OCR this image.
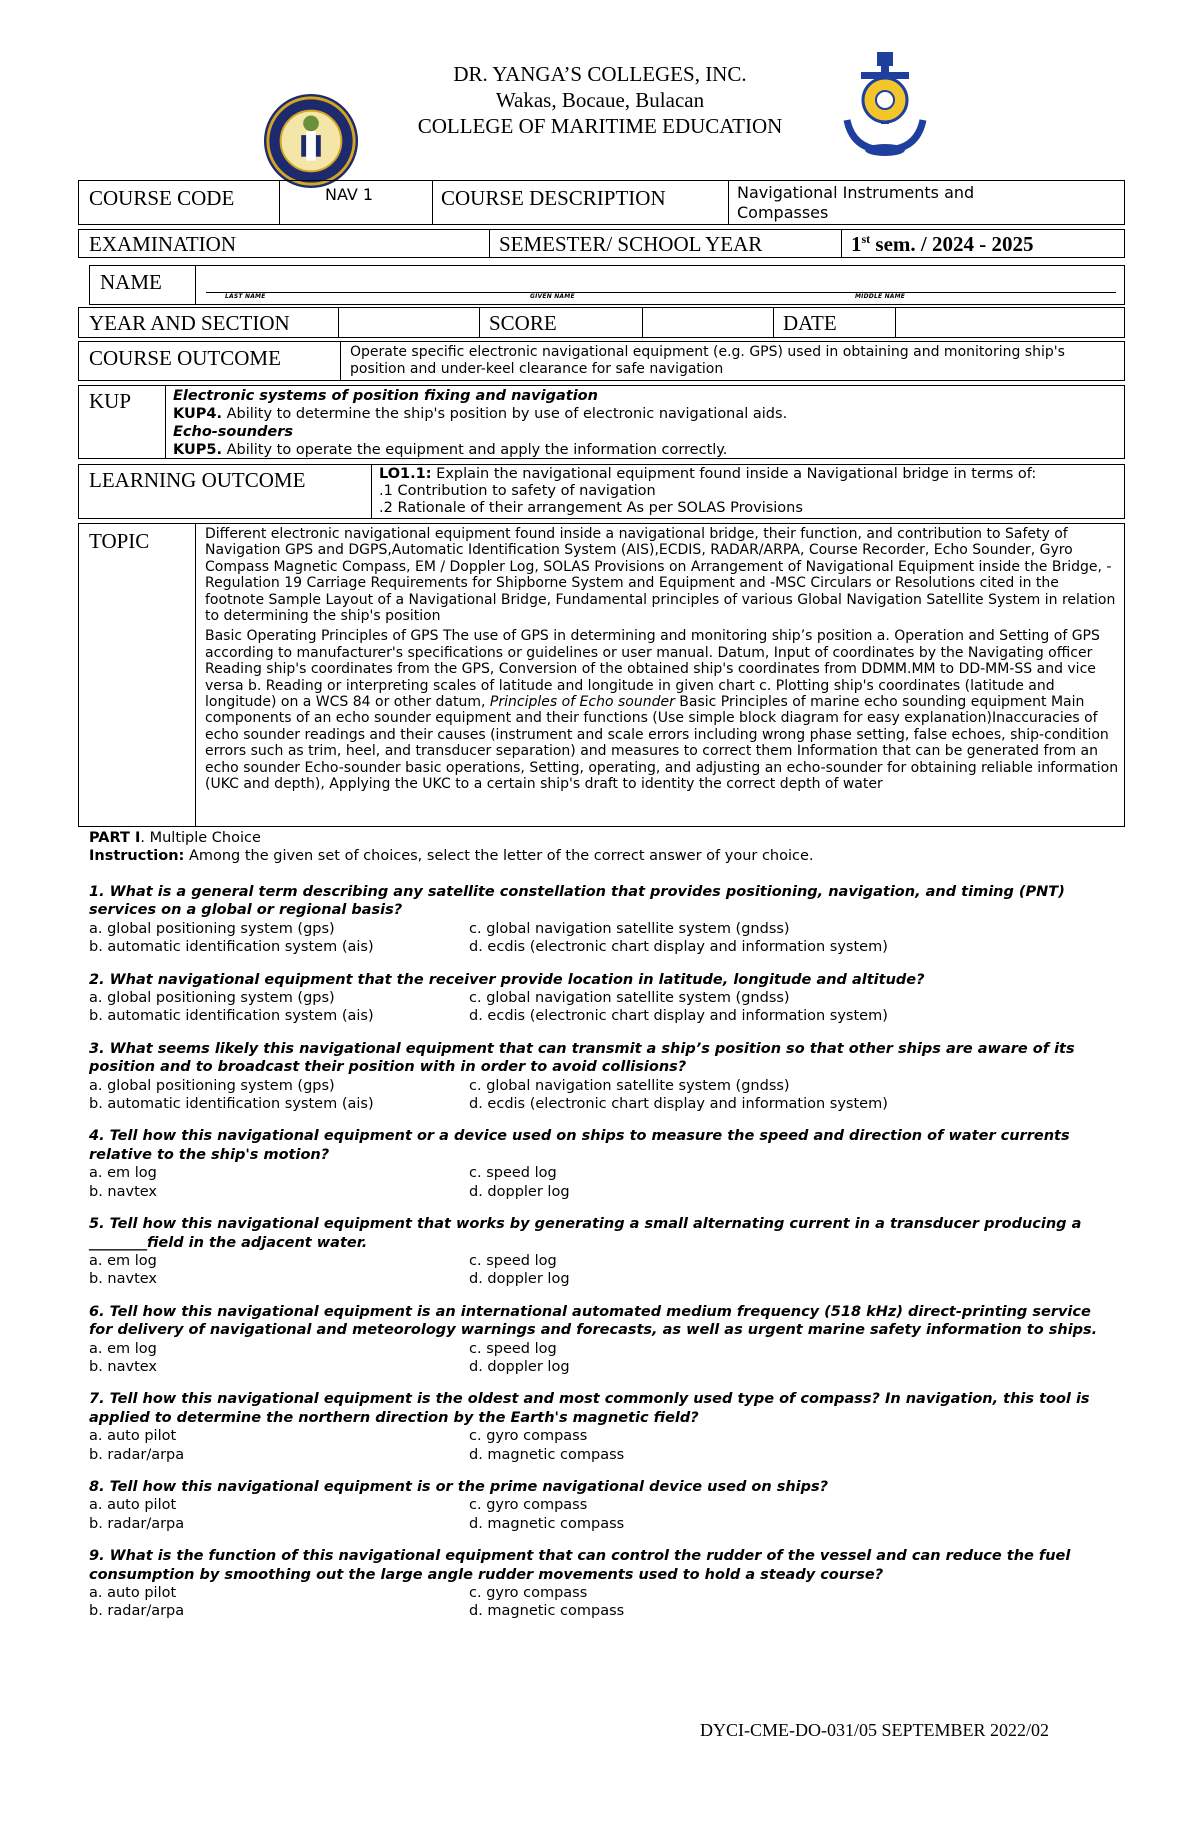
DR. YANGA’S COLLEGES, INC.
Wakas, Bocaue, Bulacan
COLLEGE OF MARITIME EDUCATION
COURSE CODE	NAV 1	COURSE DESCRIPTION	Navigational Instruments and Compasses
EXAMINATION	SEMESTER/ SCHOOL YEAR	1st sem. / 2024 - 2025
NAME
LAST NAME	GIVEN NAME	MIDDLE NAME
YEAR AND SECTION	SCORE	DATE
COURSE OUTCOME	Operate specific electronic navigational equipment (e.g. GPS) used in obtaining and monitoring ship's position and under-keel clearance for safe navigation
KUP	Electronic systems of position fixing and navigation
KUP4. Ability to determine the ship's position by use of electronic navigational aids.
Echo-sounders
KUP5. Ability to operate the equipment and apply the information correctly.
LEARNING OUTCOME	LO1.1: Explain the navigational equipment found inside a Navigational bridge in terms of:
.1 Contribution to safety of navigation
.2 Rationale of their arrangement As per SOLAS Provisions
TOPIC	Different electronic navigational equipment found inside a navigational bridge, their function, and contribution to Safety of Navigation GPS and DGPS,Automatic Identification System (AIS),ECDIS, RADAR/ARPA, Course Recorder, Echo Sounder, Gyro Compass Magnetic Compass, EM / Doppler Log, SOLAS Provisions on Arrangement of Navigational Equipment inside the Bridge, -Regulation 19 Carriage Requirements for Shipborne System and Equipment and -MSC Circulars or Resolutions cited in the footnote Sample Layout of a Navigational Bridge, Fundamental principles of various Global Navigation Satellite System in relation to determining the ship's position
Basic Operating Principles of GPS The use of GPS in determining and monitoring ship’s position a. Operation and Setting of GPS according to manufacturer's specifications or guidelines or user manual. Datum, Input of coordinates by the Navigating officer Reading ship's coordinates from the GPS, Conversion of the obtained ship's coordinates from DDMM.MM to DD-MM-SS and vice versa b. Reading or interpreting scales of latitude and longitude in given chart c. Plotting ship's coordinates (latitude and longitude) on a WCS 84 or other datum, Principles of Echo sounder Basic Principles of marine echo sounding equipment Main components of an echo sounder equipment and their functions (Use simple block diagram for easy explanation)Inaccuracies of echo sounder readings and their causes (instrument and scale errors including wrong phase setting, false echoes, ship-condition errors such as trim, heel, and transducer separation) and measures to correct them Information that can be generated from an echo sounder Echo-sounder basic operations, Setting, operating, and adjusting an echo-sounder for obtaining reliable information (UKC and depth), Applying the UKC to a certain ship's draft to identity the correct depth of water
PART I. Multiple Choice
Instruction: Among the given set of choices, select the letter of the correct answer of your choice.
1. What is a general term describing any satellite constellation that provides positioning, navigation, and timing (PNT) services on a global or regional basis?
a. global positioning system (gps)	c. global navigation satellite system (gndss)
b. automatic identification system (ais)	d. ecdis (electronic chart display and information system)
2. What navigational equipment that the receiver provide location in latitude, longitude and altitude?
a. global positioning system (gps)	c. global navigation satellite system (gndss)
b. automatic identification system (ais)	d. ecdis (electronic chart display and information system)
3. What seems likely this navigational equipment that can transmit a ship’s position so that other ships are aware of its position and to broadcast their position with in order to avoid collisions?
a. global positioning system (gps)	c. global navigation satellite system (gndss)
b. automatic identification system (ais)	d. ecdis (electronic chart display and information system)
4. Tell how this navigational equipment or a device used on ships to measure the speed and direction of water currents relative to the ship's motion?
a. em log	c. speed log
b. navtex	d. doppler log
5. Tell how this navigational equipment that works by generating a small alternating current in a transducer producing a ________field in the adjacent water.
a. em log	c. speed log
b. navtex	d. doppler log
6. Tell how this navigational equipment is an international automated medium frequency (518 kHz) direct-printing service for delivery of navigational and meteorology warnings and forecasts, as well as urgent marine safety information to ships.
a. em log	c. speed log
b. navtex	d. doppler log
7. Tell how this navigational equipment is the oldest and most commonly used type of compass? In navigation, this tool is applied to determine the northern direction by the Earth's magnetic field?
a. auto pilot	c. gyro compass
b. radar/arpa	d. magnetic compass
8. Tell how this navigational equipment is or the prime navigational device used on ships?
a. auto pilot	c. gyro compass
b. radar/arpa	d. magnetic compass
9. What is the function of this navigational equipment that can control the rudder of the vessel and can reduce the fuel consumption by smoothing out the large angle rudder movements used to hold a steady course?
a. auto pilot	c. gyro compass
b. radar/arpa	d. magnetic compass
DYCI-CME-DO-031/05 SEPTEMBER 2022/02
